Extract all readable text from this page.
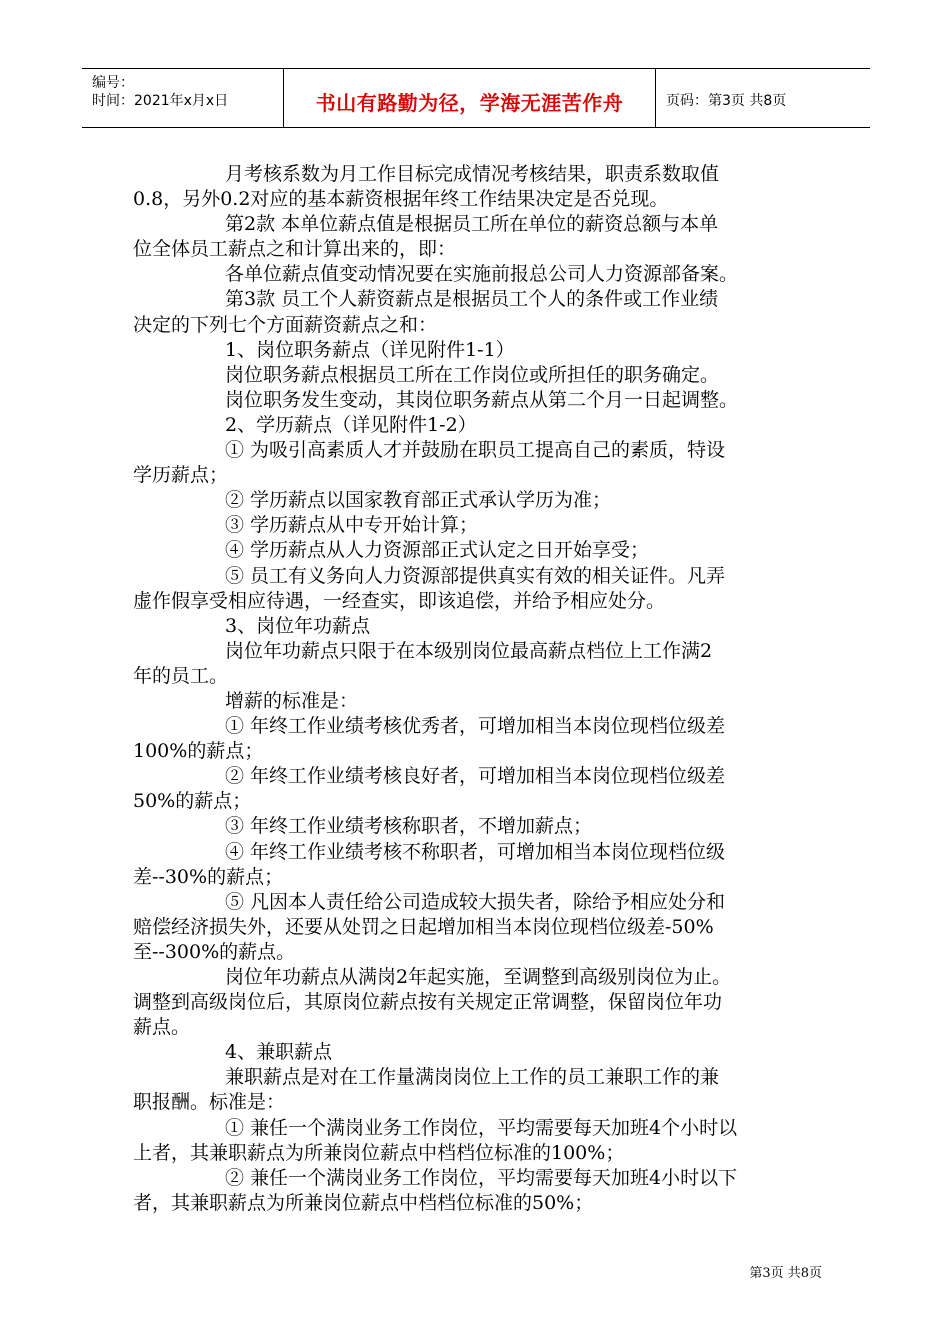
编号：
时间：2021年x月x日	书山有路勤为径，学海无涯苦作舟	页码：第3页 共8页

月考核系数为月工作目标完成情况考核结果，职责系数取值

0.8，另外0.2对应的基本薪资根据年终工作结果决定是否兑现。

第2款 本单位薪点值是根据员工所在单位的薪资总额与本单

位全体员工薪点之和计算出来的，即：

各单位薪点值变动情况要在实施前报总公司人力资源部备案。

第3款 员工个人薪资薪点是根据员工个人的条件或工作业绩

决定的下列七个方面薪资薪点之和：

1、岗位职务薪点（详见附件1-1）

岗位职务薪点根据员工所在工作岗位或所担任的职务确定。

岗位职务发生变动，其岗位职务薪点从第二个月一日起调整。

2、学历薪点（详见附件1-2）

① 为吸引高素质人才并鼓励在职员工提高自己的素质，特设

学历薪点；

② 学历薪点以国家教育部正式承认学历为准；

③ 学历薪点从中专开始计算；

④ 学历薪点从人力资源部正式认定之日开始享受；

⑤ 员工有义务向人力资源部提供真实有效的相关证件。凡弄

虚作假享受相应待遇，一经查实，即该追偿，并给予相应处分。

3、岗位年功薪点

岗位年功薪点只限于在本级别岗位最高薪点档位上工作满2

年的员工。

增薪的标准是：

① 年终工作业绩考核优秀者，可增加相当本岗位现档位级差

100%的薪点；

② 年终工作业绩考核良好者，可增加相当本岗位现档位级差

50%的薪点；

③ 年终工作业绩考核称职者，不增加薪点；

④ 年终工作业绩考核不称职者，可增加相当本岗位现档位级

差--30%的薪点；

⑤ 凡因本人责任给公司造成较大损失者，除给予相应处分和

赔偿经济损失外，还要从处罚之日起增加相当本岗位现档位级差-50%

至--300%的薪点。

岗位年功薪点从满岗2年起实施，至调整到高级别岗位为止。

调整到高级岗位后，其原岗位薪点按有关规定正常调整，保留岗位年功

薪点。

4、兼职薪点

兼职薪点是对在工作量满岗岗位上工作的员工兼职工作的兼

职报酬。标准是：

① 兼任一个满岗业务工作岗位，平均需要每天加班4个小时以

上者，其兼职薪点为所兼岗位薪点中档档位标准的100%；

② 兼任一个满岗业务工作岗位，平均需要每天加班4小时以下

者，其兼职薪点为所兼岗位薪点中档档位标准的50%；

第3页 共8页
